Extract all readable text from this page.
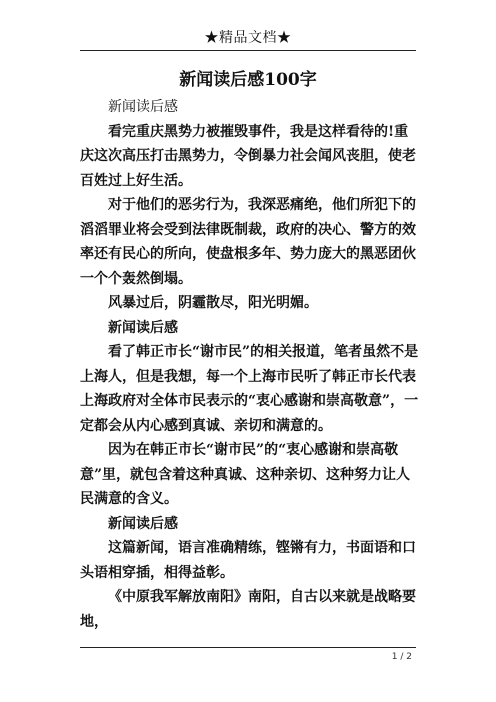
★精品文档★
新闻读后感100字

新闻读后感

看完重庆黑势力被摧毁事件，我是这样看待的!重庆这次高压打击黑势力，令倒暴力社会闻风丧胆，使老百姓过上好生活。

对于他们的恶劣行为，我深恶痛绝，他们所犯下的滔滔罪业将会受到法律既制裁，政府的决心、警方的效率还有民心的所向，使盘根多年、势力庞大的黑恶团伙一个个轰然倒塌。

风暴过后，阴霾散尽，阳光明媚。

新闻读后感

看了韩正市长“谢市民”的相关报道，笔者虽然不是上海人，但是我想，每一个上海市民听了韩正市长代表上海政府对全体市民表示的“衷心感谢和崇高敬意”，一定都会从内心感到真诚、亲切和满意的。

因为在韩正市长“谢市民”的“衷心感谢和崇高敬意”里，就包含着这种真诚、这种亲切、这种努力让人民满意的含义。

新闻读后感

这篇新闻，语言准确精练，铿锵有力，书面语和口头语相穿插，相得益彰。

《中原我军解放南阳》南阳，自古以来就是战略要地，

1 / 2
